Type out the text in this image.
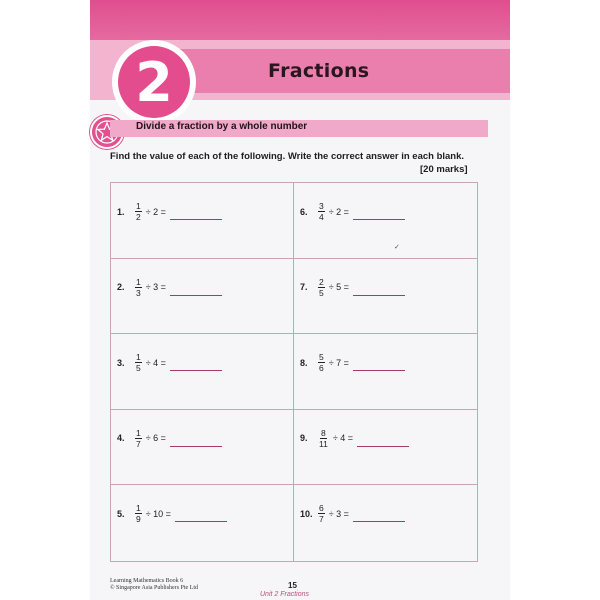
2	Fractions
Divide a fraction by a whole number
Find the value of each of the following. Write the correct answer in each blank.
[20 marks]
1.	$\frac{1}{2} \div 2$ =	6.	$\frac{3}{4} \div 2$ =
✓
2.	$\frac{1}{3} \div 3$ =	7.	$\frac{2}{5} \div 5$ =
3.	$\frac{1}{5} \div 4$ =	8.	$\frac{5}{6} \div 7$ =
4.	$\frac{1}{7} \div 6$ =	9.	$\frac{8}{11} \div 4$ =
5.	$\frac{1}{9} \div 10$ =	10. $\frac{6}{7} \div 3$ =
Learning Mathematics Book 6
© Singapore Asia Publishers Pte Ltd	15
Unit 2 Fractions
